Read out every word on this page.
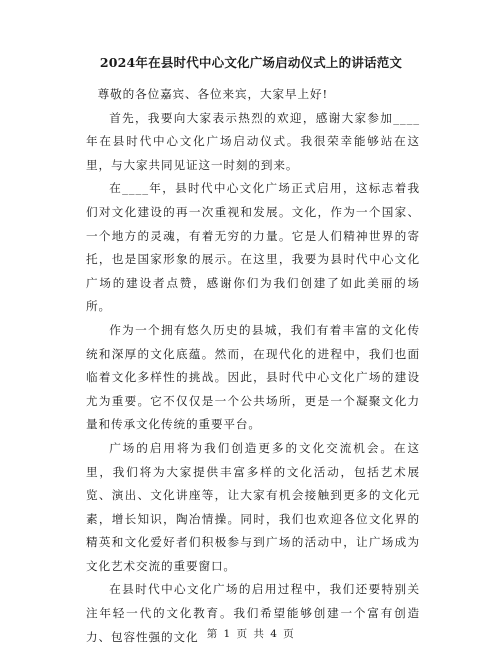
2024年在县时代中心文化广场启动仪式上的讲话范文

尊敬的各位嘉宾、各位来宾，大家早上好!

首先，我要向大家表示热烈的欢迎，感谢大家参加____年在县时代中心文化广场启动仪式。我很荣幸能够站在这里，与大家共同见证这一时刻的到来。

在____年，县时代中心文化广场正式启用，这标志着我们对文化建设的再一次重视和发展。文化，作为一个国家、一个地方的灵魂，有着无穷的力量。它是人们精神世界的寄托，也是国家形象的展示。在这里，我要为县时代中心文化广场的建设者点赞，感谢你们为我们创建了如此美丽的场所。

作为一个拥有悠久历史的县城，我们有着丰富的文化传统和深厚的文化底蕴。然而，在现代化的进程中，我们也面临着文化多样性的挑战。因此，县时代中心文化广场的建设尤为重要。它不仅仅是一个公共场所，更是一个凝聚文化力量和传承文化传统的重要平台。

广场的启用将为我们创造更多的文化交流机会。在这里，我们将为大家提供丰富多样的文化活动，包括艺术展览、演出、文化讲座等，让大家有机会接触到更多的文化元素，增长知识，陶冶情操。同时，我们也欢迎各位文化界的精英和文化爱好者们积极参与到广场的活动中，让广场成为文化艺术交流的重要窗口。

在县时代中心文化广场的启用过程中，我们还要特别关注年轻一代的文化教育。我们希望能够创建一个富有创造力、包容性强的文化 第 1 页 共 4 页
